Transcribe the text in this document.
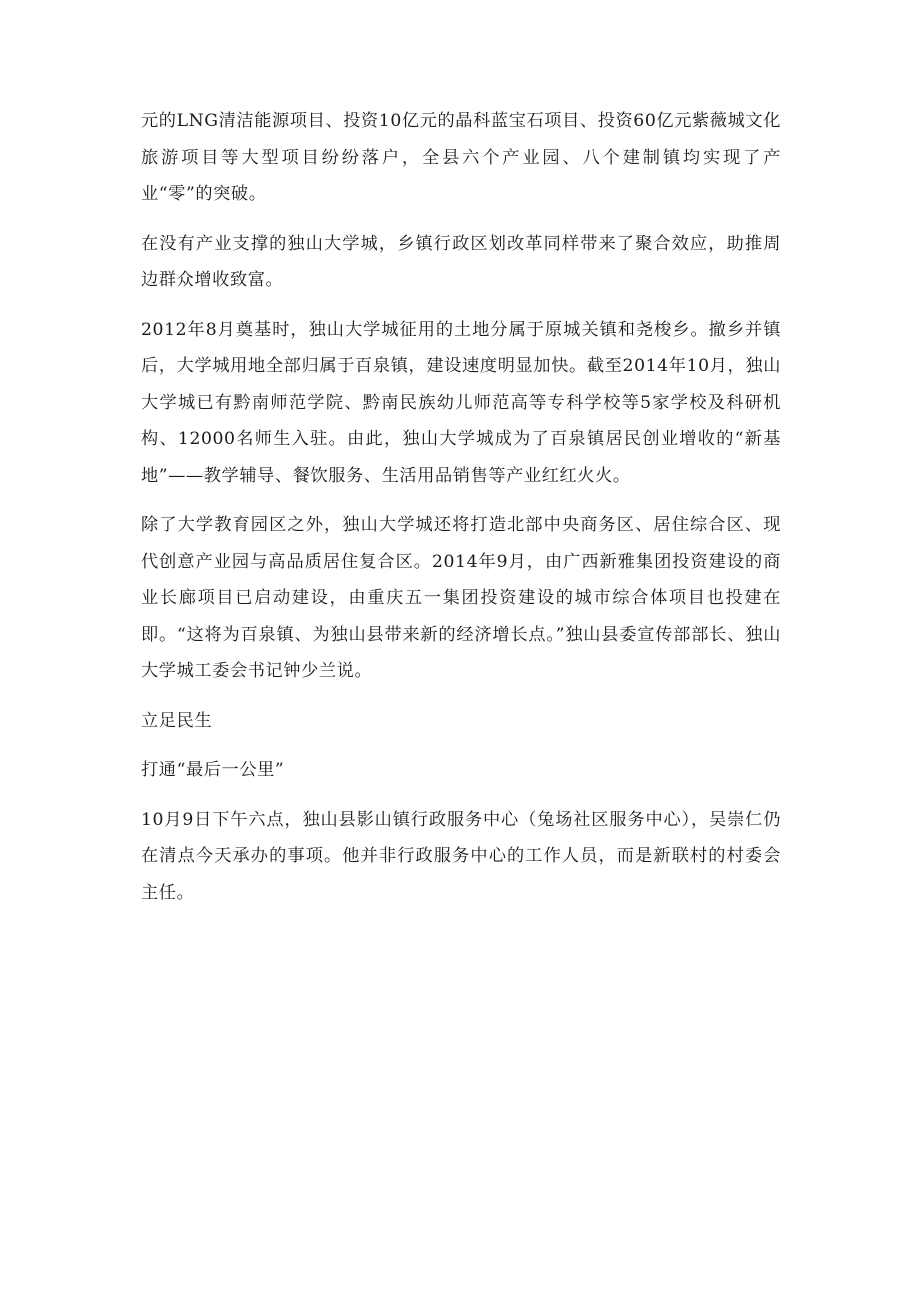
元的LNG清洁能源项目、投资10亿元的晶科蓝宝石项目、投资60亿元紫薇城文化旅游项目等大型项目纷纷落户，全县六个产业园、八个建制镇均实现了产业“零”的突破。

在没有产业支撑的独山大学城，乡镇行政区划改革同样带来了聚合效应，助推周边群众增收致富。

2012年8月奠基时，独山大学城征用的土地分属于原城关镇和尧梭乡。撤乡并镇后，大学城用地全部归属于百泉镇，建设速度明显加快。截至2014年10月，独山大学城已有黔南师范学院、黔南民族幼儿师范高等专科学校等5家学校及科研机构、12000名师生入驻。由此，独山大学城成为了百泉镇居民创业增收的“新基地”——教学辅导、餐饮服务、生活用品销售等产业红红火火。

除了大学教育园区之外，独山大学城还将打造北部中央商务区、居住综合区、现代创意产业园与高品质居住复合区。2014年9月，由广西新雅集团投资建设的商业长廊项目已启动建设，由重庆五一集团投资建设的城市综合体项目也投建在即。“这将为百泉镇、为独山县带来新的经济增长点。”独山县委宣传部部长、独山大学城工委会书记钟少兰说。

立足民生

打通“最后一公里”

10月9日下午六点，独山县影山镇行政服务中心（兔场社区服务中心），吴崇仁仍在清点今天承办的事项。他并非行政服务中心的工作人员，而是新联村的村委会主任。
